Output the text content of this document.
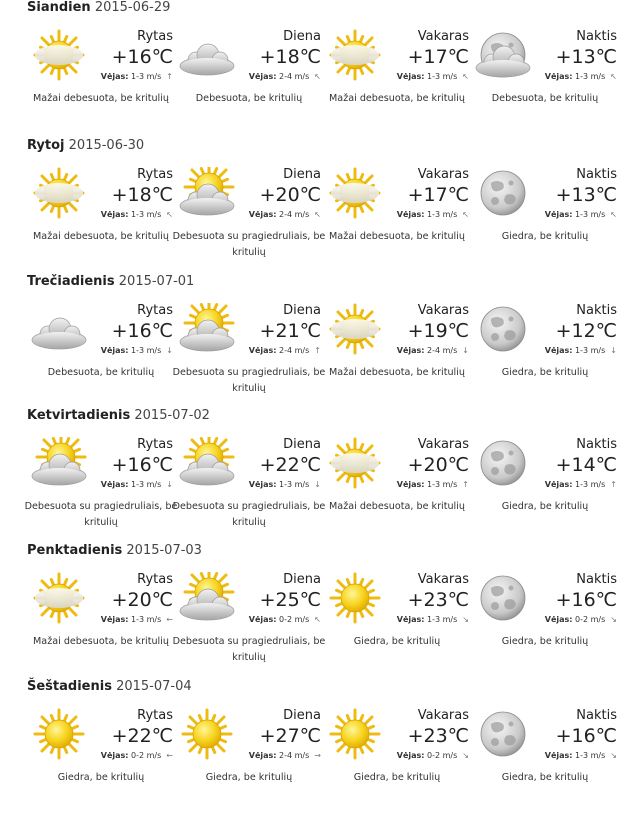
Šiandien 2015-06-29
Rytas
+16℃
Vėjas: 1-3 m/s ↑
Mažai debesuota, be kritulių
Diena
+18℃
Vėjas: 2-4 m/s ↖
Debesuota, be kritulių
Vakaras
+17℃
Vėjas: 1-3 m/s ↖
Mažai debesuota, be kritulių
Naktis
+13℃
Vėjas: 1-3 m/s ↖
Debesuota, be kritulių
Rytoj 2015-06-30
Rytas
+18℃
Vėjas: 1-3 m/s ↖
Mažai debesuota, be kritulių
Diena
+20℃
Vėjas: 2-4 m/s ↖
Debesuota su pragiedruliais, be kritulių
Vakaras
+17℃
Vėjas: 1-3 m/s ↖
Mažai debesuota, be kritulių
Naktis
+13℃
Vėjas: 1-3 m/s ↖
Giedra, be kritulių
Trečiadienis 2015-07-01
Rytas
+16℃
Vėjas: 1-3 m/s ↓
Debesuota, be kritulių
Diena
+21℃
Vėjas: 2-4 m/s ↑
Debesuota su pragiedruliais, be kritulių
Vakaras
+19℃
Vėjas: 2-4 m/s ↓
Mažai debesuota, be kritulių
Naktis
+12℃
Vėjas: 1-3 m/s ↓
Giedra, be kritulių
Ketvirtadienis 2015-07-02
Rytas
+16℃
Vėjas: 1-3 m/s ↓
Debesuota su pragiedruliais, be kritulių
Diena
+22℃
Vėjas: 1-3 m/s ↓
Debesuota su pragiedruliais, be kritulių
Vakaras
+20℃
Vėjas: 1-3 m/s ↑
Mažai debesuota, be kritulių
Naktis
+14℃
Vėjas: 1-3 m/s ↑
Giedra, be kritulių
Penktadienis 2015-07-03
Rytas
+20℃
Vėjas: 1-3 m/s ←
Mažai debesuota, be kritulių
Diena
+25℃
Vėjas: 0-2 m/s ↖
Debesuota su pragiedruliais, be kritulių
Vakaras
+23℃
Vėjas: 1-3 m/s ↘
Giedra, be kritulių
Naktis
+16℃
Vėjas: 0-2 m/s ↘
Giedra, be kritulių
Šeštadienis 2015-07-04
Rytas
+22℃
Vėjas: 0-2 m/s ←
Giedra, be kritulių
Diena
+27℃
Vėjas: 2-4 m/s →
Giedra, be kritulių
Vakaras
+23℃
Vėjas: 0-2 m/s ↘
Giedra, be kritulių
Naktis
+16℃
Vėjas: 1-3 m/s ↘
Giedra, be kritulių
